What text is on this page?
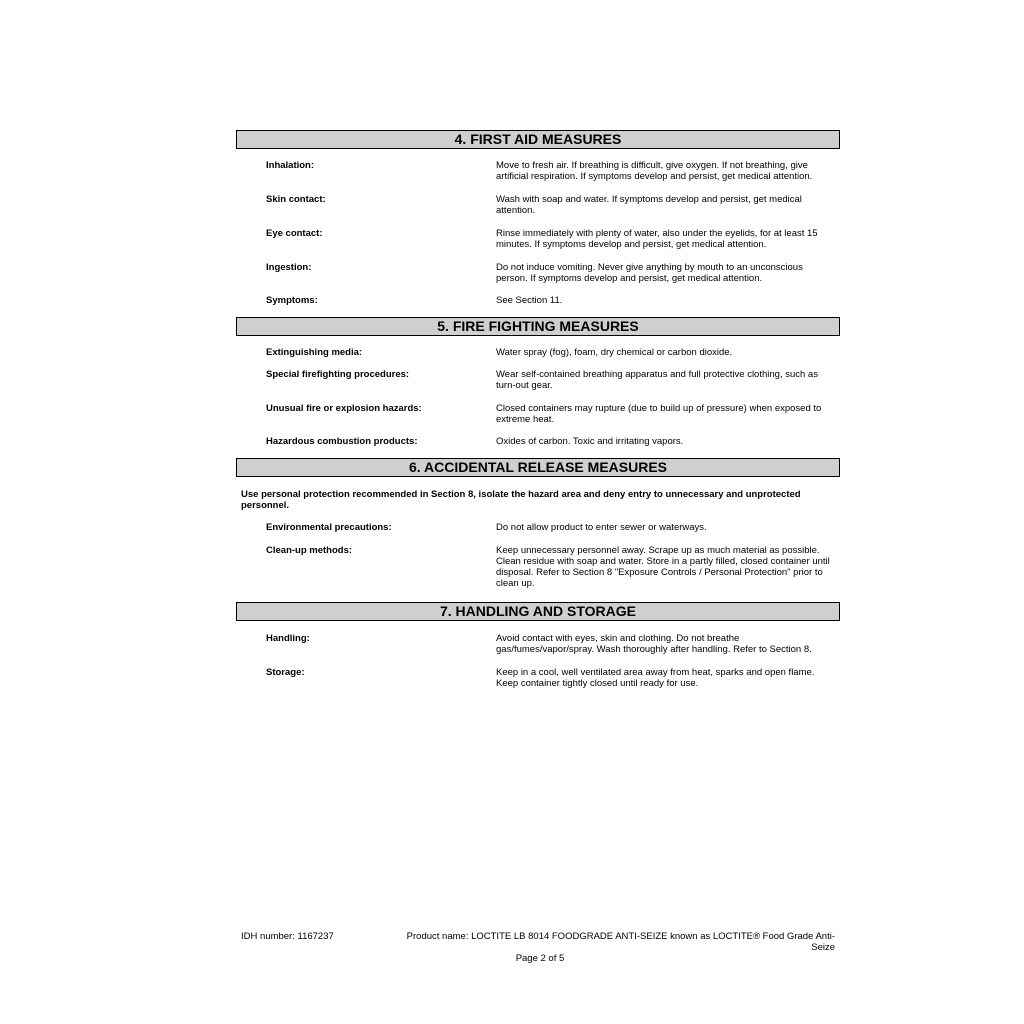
4. FIRST AID MEASURES
Inhalation:	Move to fresh air. If breathing is difficult, give oxygen. If not breathing, give artificial respiration. If symptoms develop and persist, get medical attention.
Skin contact:	Wash with soap and water. If symptoms develop and persist, get medical attention.
Eye contact:	Rinse immediately with plenty of water, also under the eyelids, for at least 15 minutes. If symptoms develop and persist, get medical attention.
Ingestion:	Do not induce vomiting. Never give anything by mouth to an unconscious person. If symptoms develop and persist, get medical attention.
Symptoms:	See Section 11.
5. FIRE FIGHTING MEASURES
Extinguishing media:	Water spray (fog), foam, dry chemical or carbon dioxide.
Special firefighting procedures:	Wear self-contained breathing apparatus and full protective clothing, such as turn-out gear.
Unusual fire or explosion hazards:	Closed containers may rupture (due to build up of pressure) when exposed to extreme heat.
Hazardous combustion products:	Oxides of carbon. Toxic and irritating vapors.
6. ACCIDENTAL RELEASE MEASURES
Use personal protection recommended in Section 8, isolate the hazard area and deny entry to unnecessary and unprotected personnel.
Environmental precautions:	Do not allow product to enter sewer or waterways.
Clean-up methods:	Keep unnecessary personnel away. Scrape up as much material as possible. Clean residue with soap and water. Store in a partly filled, closed container until disposal. Refer to Section 8 "Exposure Controls / Personal Protection" prior to clean up.
7. HANDLING AND STORAGE
Handling:	Avoid contact with eyes, skin and clothing. Do not breathe gas/fumes/vapor/spray. Wash thoroughly after handling. Refer to Section 8.
Storage:	Keep in a cool, well ventilated area away from heat, sparks and open flame. Keep container tightly closed until ready for use.
IDH number: 1167237	Product name: LOCTITE LB 8014 FOODGRADE ANTI-SEIZE known as LOCTITE® Food Grade Anti-
Seize
Page 2 of 5
